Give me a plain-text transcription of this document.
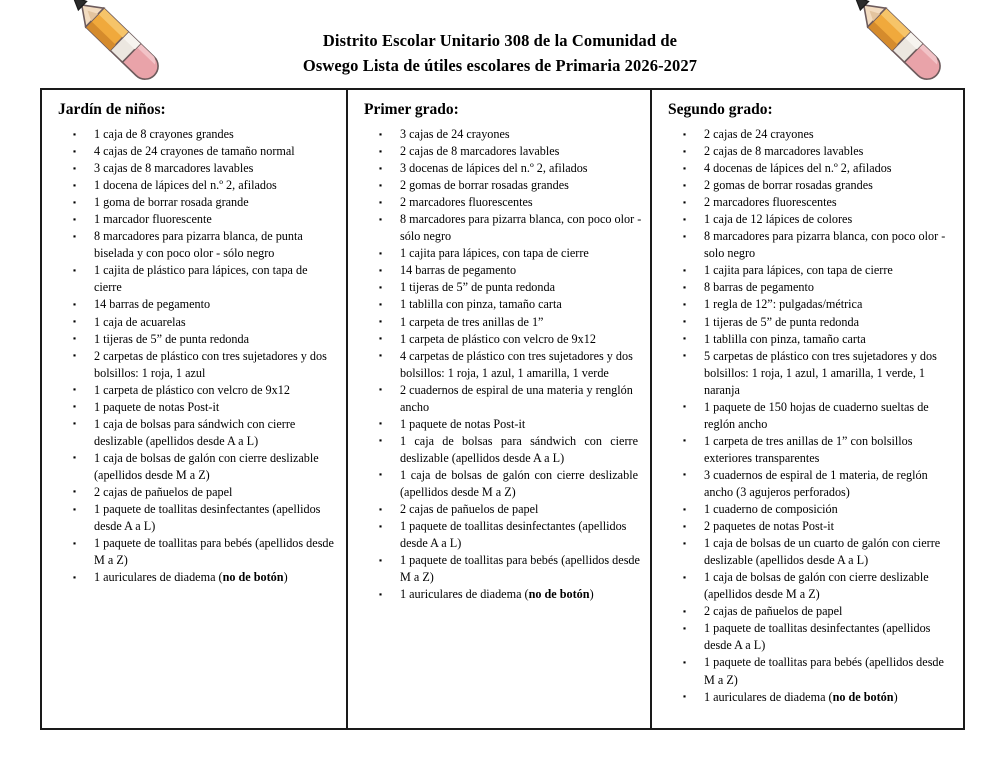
Distrito Escolar Unitario 308 de la Comunidad de
Oswego Lista de útiles escolares de Primaria 2026-2027
Jardín de niños:
▪ 1 caja de 8 crayones grandes
▪ 4 cajas de 24 crayones de tamaño normal
▪ 3 cajas de 8 marcadores lavables
▪ 1 docena de lápices del n.º 2, afilados
▪ 1 goma de borrar rosada grande
▪ 1 marcador fluorescente
▪ 8 marcadores para pizarra blanca, de punta biselada y con poco olor - sólo negro
▪ 1 cajita de plástico para lápices, con tapa de cierre
▪ 14 barras de pegamento
▪ 1 caja de acuarelas
▪ 1 tijeras de 5” de punta redonda
▪ 2 carpetas de plástico con tres sujetadores y dos bolsillos: 1 roja, 1 azul
▪ 1 carpeta de plástico con velcro de 9x12
▪ 1 paquete de notas Post-it
▪ 1 caja de bolsas para sándwich con cierre deslizable (apellidos desde A a L)
▪ 1 caja de bolsas de galón con cierre deslizable (apellidos desde M a Z)
▪ 2 cajas de pañuelos de papel
▪ 1 paquete de toallitas desinfectantes (apellidos desde A a L)
▪ 1 paquete de toallitas para bebés (apellidos desde M a Z)
▪ 1 auriculares de diadema (no de botón)
Primer grado:
▪ 3 cajas de 24 crayones
▪ 2 cajas de 8 marcadores lavables
▪ 3 docenas de lápices del n.º 2, afilados
▪ 2 gomas de borrar rosadas grandes
▪ 2 marcadores fluorescentes
▪ 8 marcadores para pizarra blanca, con poco olor - sólo negro
▪ 1 cajita para lápices, con tapa de cierre
▪ 14 barras de pegamento
▪ 1 tijeras de 5” de punta redonda
▪ 1 tablilla con pinza, tamaño carta
▪ 1 carpeta de tres anillas de 1”
▪ 1 carpeta de plástico con velcro de 9x12
▪ 4 carpetas de plástico con tres sujetadores y dos bolsillos: 1 roja, 1 azul, 1 amarilla, 1 verde
▪ 2 cuadernos de espiral de una materia y renglón ancho
▪ 1 paquete de notas Post-it
▪ 1 caja de bolsas para sándwich con cierre deslizable (apellidos desde A a L)
▪ 1 caja de bolsas de galón con cierre deslizable (apellidos desde M a Z)
▪ 2 cajas de pañuelos de papel
▪ 1 paquete de toallitas desinfectantes (apellidos desde A a L)
▪ 1 paquete de toallitas para bebés (apellidos desde M a Z)
▪ 1 auriculares de diadema (no de botón)
Segundo grado:
▪ 2 cajas de 24 crayones
▪ 2 cajas de 8 marcadores lavables
▪ 4 docenas de lápices del n.º 2, afilados
▪ 2 gomas de borrar rosadas grandes
▪ 2 marcadores fluorescentes
▪ 1 caja de 12 lápices de colores
▪ 8 marcadores para pizarra blanca, con poco olor - solo negro
▪ 1 cajita para lápices, con tapa de cierre
▪ 8 barras de pegamento
▪ 1 regla de 12”: pulgadas/métrica
▪ 1 tijeras de 5” de punta redonda
▪ 1 tablilla con pinza, tamaño carta
▪ 5 carpetas de plástico con tres sujetadores y dos bolsillos: 1 roja, 1 azul, 1 amarilla, 1 verde, 1 naranja
▪ 1 paquete de 150 hojas de cuaderno sueltas de reglón ancho
▪ 1 carpeta de tres anillas de 1” con bolsillos exteriores transparentes
▪ 3 cuadernos de espiral de 1 materia, de reglón ancho (3 agujeros perforados)
▪ 1 cuaderno de composición
▪ 2 paquetes de notas Post-it
▪ 1 caja de bolsas de un cuarto de galón con cierre deslizable (apellidos desde A a L)
▪ 1 caja de bolsas de galón con cierre deslizable (apellidos desde M a Z)
▪ 2 cajas de pañuelos de papel
▪ 1 paquete de toallitas desinfectantes (apellidos desde A a L)
▪ 1 paquete de toallitas para bebés (apellidos desde M a Z)
▪ 1 auriculares de diadema (no de botón)
